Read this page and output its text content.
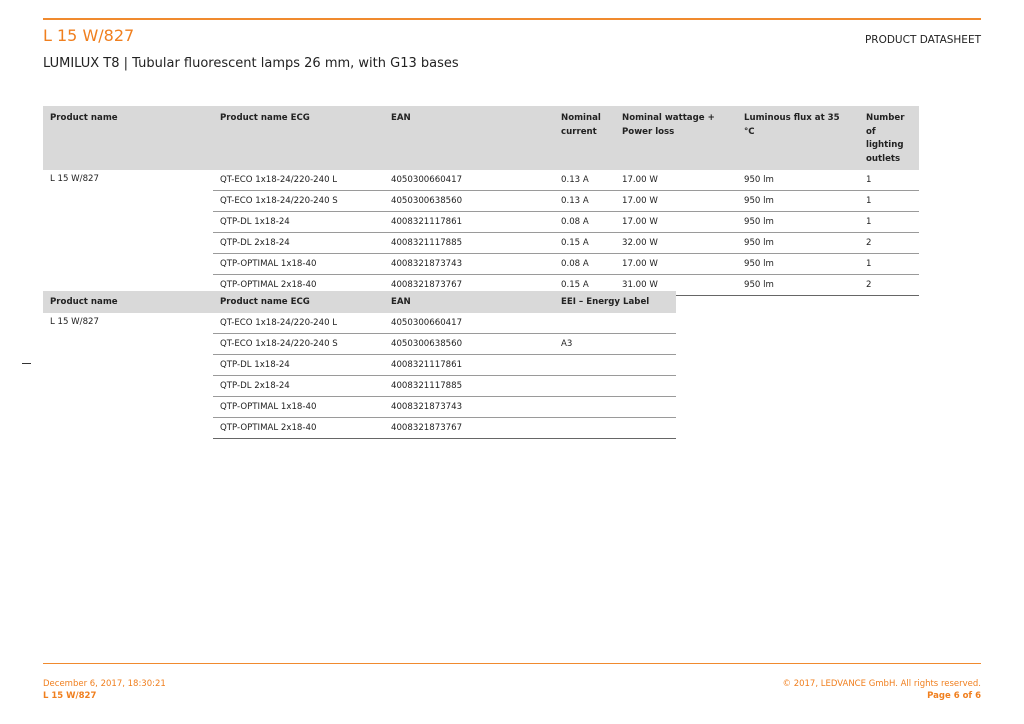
L 15 W/827	PRODUCT DATASHEET
LUMILUX T8 | Tubular fluorescent lamps 26 mm, with G13 bases
Product name	Product name ECG	EAN	Nominal current	Nominal wattage + Power loss	Luminous flux at 35 °C	Number of lighting outlets
L 15 W/827	QT-ECO 1x18-24/220-240 L	4050300660417	0.13 A	17.00 W	950 lm	1
	QT-ECO 1x18-24/220-240 S	4050300638560	0.13 A	17.00 W	950 lm	1
	QTP-DL 1x18-24	4008321117861	0.08 A	17.00 W	950 lm	1
	QTP-DL 2x18-24	4008321117885	0.15 A	32.00 W	950 lm	2
	QTP-OPTIMAL 1x18-40	4008321873743	0.08 A	17.00 W	950 lm	1
	QTP-OPTIMAL 2x18-40	4008321873767	0.15 A	31.00 W	950 lm	2
Product name	Product name ECG	EAN	EEI – Energy Label
L 15 W/827	QT-ECO 1x18-24/220-240 L	4050300660417	
	QT-ECO 1x18-24/220-240 S	4050300638560	A3
	QTP-DL 1x18-24	4008321117861	
	QTP-DL 2x18-24	4008321117885	
	QTP-OPTIMAL 1x18-40	4008321873743	
	QTP-OPTIMAL 2x18-40	4008321873767	
December 6, 2017, 18:30:21
L 15 W/827
© 2017, LEDVANCE GmbH. All rights reserved.
Page 6 of 6
